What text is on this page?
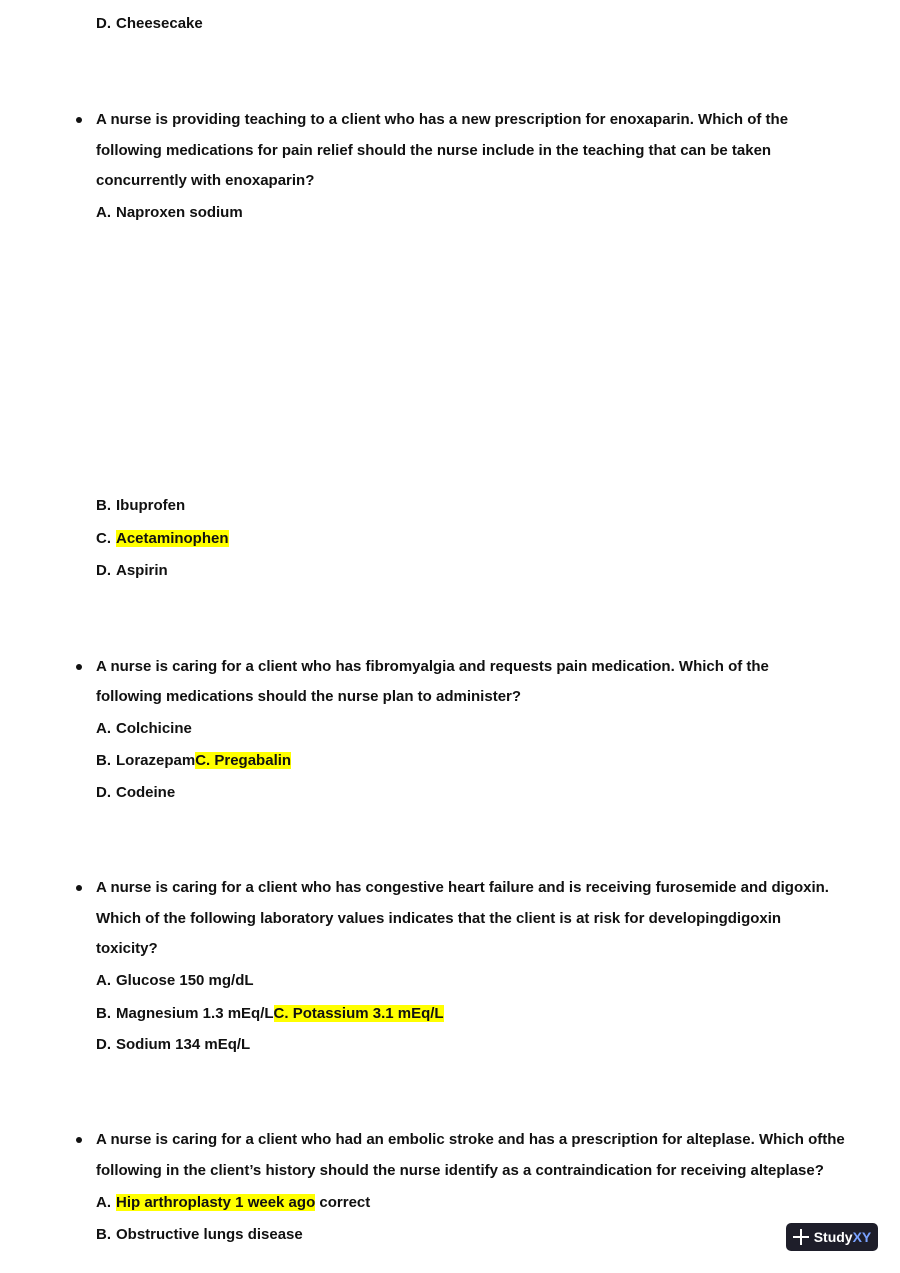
D. Cheesecake
A nurse is providing teaching to a client who has a new prescription for enoxaparin. Which of the
following medications for pain relief should the nurse include in the teaching that can be taken
concurrently with enoxaparin?
A. Naproxen sodium
B. Ibuprofen
C. Acetaminophen
D. Aspirin
A nurse is caring for a client who has fibromyalgia and requests pain medication. Which of the
following medications should the nurse plan to administer?
A. Colchicine
B. LorazepamC. Pregabalin
D. Codeine
A nurse is caring for a client who has congestive heart failure and is receiving furosemide and digoxin.
Which of the following laboratory values indicates that the client is at risk for developingdigoxin
toxicity?
A. Glucose 150 mg/dL
B. Magnesium 1.3 mEq/LC. Potassium 3.1 mEq/L
D. Sodium 134 mEq/L
A nurse is caring for a client who had an embolic stroke and has a prescription for alteplase. Which ofthe
following in the client’s history should the nurse identify as a contraindication for receiving alteplase?
A. Hip arthroplasty 1 week ago correct
B. Obstructive lungs disease	StudyXY
